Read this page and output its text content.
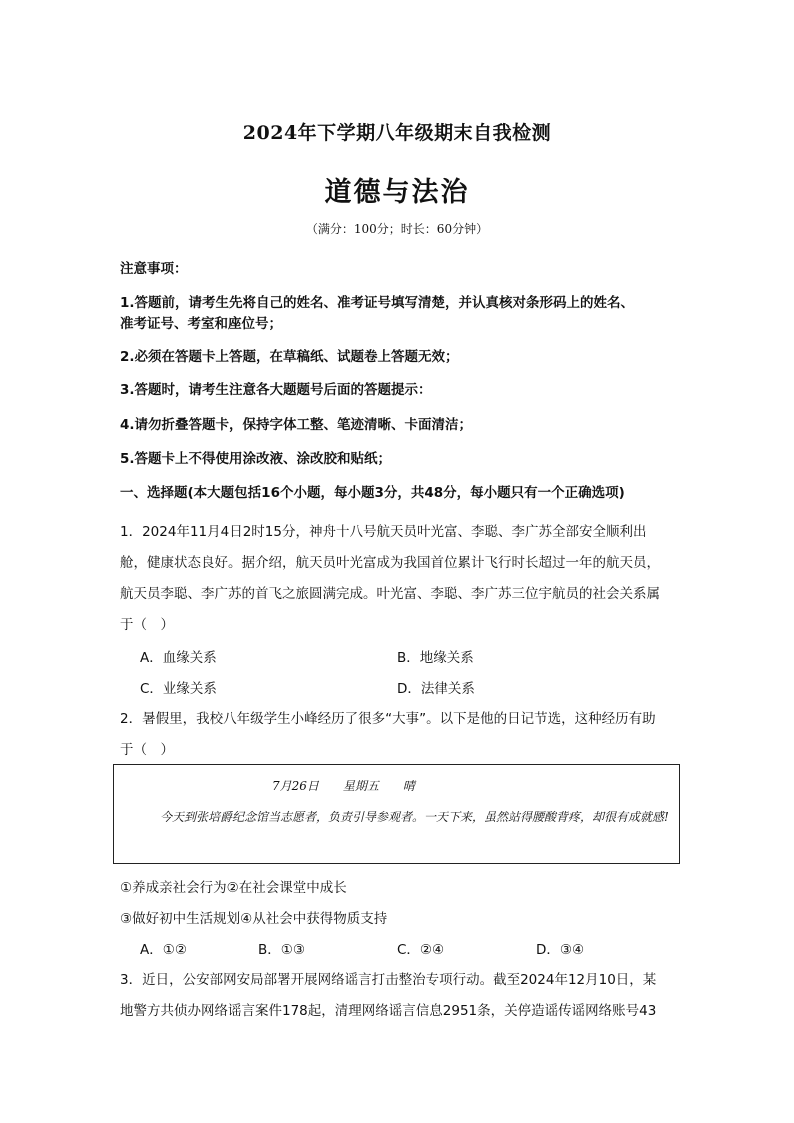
2024年下学期八年级期末自我检测
道德与法治
（满分：100分；时长：60分钟）
注意事项：
1.答题前，请考生先将自己的姓名、准考证号填写清楚，并认真核对条形码上的姓名、
准考证号、考室和座位号；
2.必须在答题卡上答题，在草稿纸、试题卷上答题无效；
3.答题时，请考生注意各大题题号后面的答题提示：
4.请勿折叠答题卡，保持字体工整、笔迹清晰、卡面清洁；
5.答题卡上不得使用涂改液、涂改胶和贴纸；
一、选择题(本大题包括16个小题，每小题3分，共48分，每小题只有一个正确选项)
1．2024年11月4日2时15分，神舟十八号航天员叶光富、李聪、李广苏全部安全顺利出
舱，健康状态良好。据介绍，航天员叶光富成为我国首位累计飞行时长超过一年的航天员，
航天员李聪、李广苏的首飞之旅圆满完成。叶光富、李聪、李广苏三位宇航员的社会关系属
于（　）
A．血缘关系	B．地缘关系
C．业缘关系	D．法律关系
2．暑假里，我校八年级学生小峰经历了很多“大事”。以下是他的日记节选，这种经历有助
于（　）
7月26日　　星期五　　晴
今天到张培爵纪念馆当志愿者，负责引导参观者。一天下来，虽然站得腰酸背疼，却很有成就感!
①养成亲社会行为②在社会课堂中成长
③做好初中生活规划④从社会中获得物质支持
A．①②	B．①③	C．②④	D．③④
3．近日，公安部网安局部署开展网络谣言打击整治专项行动。截至2024年12月10日，某
地警方共侦办网络谣言案件178起，清理网络谣言信息2951条，关停造谣传谣网络账号43
